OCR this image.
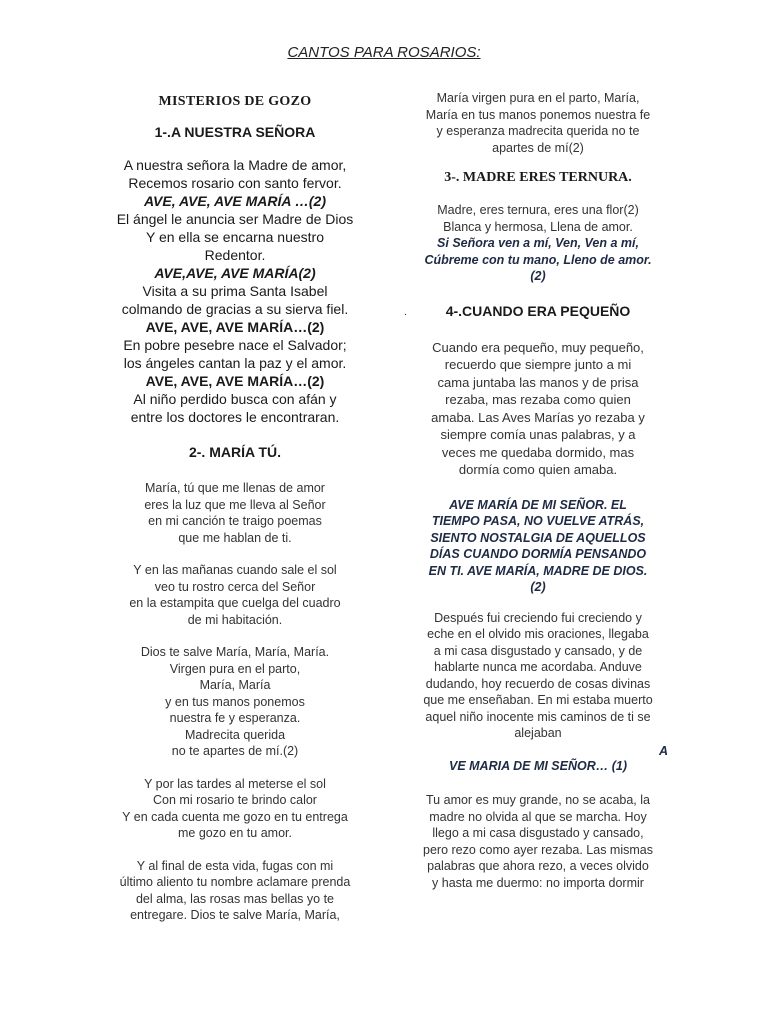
CANTOS PARA ROSARIOS:
MISTERIOS DE GOZO
1-.A NUESTRA SEÑORA
A nuestra señora la Madre de amor,
Recemos rosario con santo fervor.
AVE, AVE, AVE MARÍA …(2)
El ángel le anuncia ser Madre de Dios
Y en ella se encarna nuestro
Redentor.
AVE,AVE, AVE MARÍA(2)
Visita a su prima Santa Isabel
colmando de gracias a su sierva fiel.
AVE, AVE, AVE MARÍA…(2)
En pobre pesebre nace el Salvador;
los ángeles cantan la paz y el amor.
AVE, AVE, AVE MARÍA…(2)
Al niño perdido busca con afán y
entre los doctores le encontraran.
2-. MARÍA TÚ.
María, tú que me llenas de amor
eres la luz que me lleva al Señor
en mi canción te traigo poemas
que me hablan de ti.
Y en las mañanas cuando sale el sol
veo tu rostro cerca del Señor
en la estampita que cuelga del cuadro
de mi habitación.
Dios te salve María, María, María.
Virgen pura en el parto,
María, María
y en tus manos ponemos
nuestra fe y esperanza.
Madrecita querida
no te apartes de mí.(2)
Y por las tardes al meterse el sol
Con mi rosario te brindo calor
Y en cada cuenta me gozo en tu entrega
me gozo en tu amor.
Y al final de esta vida, fugas con mi
último aliento tu nombre aclamare prenda
del alma, las rosas mas bellas yo te
entregare. Dios te salve María, María,
María virgen pura en el parto, María,
María en tus manos ponemos nuestra fe
y esperanza madrecita querida no te
apartes de mí(2)
3-. MADRE ERES TERNURA.
Madre, eres ternura, eres una flor(2)
Blanca y hermosa, Llena de amor.
Si Señora ven a mí, Ven, Ven a mí,
Cúbreme con tu mano, Lleno de amor.
(2)
.	4-.CUANDO ERA PEQUEÑO
Cuando era pequeño, muy pequeño,
recuerdo que siempre junto a mi
cama juntaba las manos y de prisa
rezaba, mas rezaba como quien
amaba. Las Aves Marías yo rezaba y
siempre comía unas palabras, y a
veces me quedaba dormido, mas
dormía como quien amaba.
AVE MARÍA DE MI SEÑOR. EL
TIEMPO PASA, NO VUELVE ATRÁS,
SIENTO NOSTALGIA DE AQUELLOS
DÍAS CUANDO DORMÍA PENSANDO
EN TI. AVE MARÍA, MADRE DE DIOS.
(2)
Después fui creciendo fui creciendo y
eche en el olvido mis oraciones, llegaba
a mi casa disgustado y cansado, y de
hablarte nunca me acordaba. Anduve
dudando, hoy recuerdo de cosas divinas
que me enseñaban. En mi estaba muerto
aquel niño inocente mis caminos de ti se
alejaban
A
VE MARIA DE MI SEÑOR… (1)
Tu amor es muy grande, no se acaba, la
madre no olvida al que se marcha. Hoy
llego a mi casa disgustado y cansado,
pero rezo como ayer rezaba. Las mismas
palabras que ahora rezo, a veces olvido
y hasta me duermo: no importa dormir
